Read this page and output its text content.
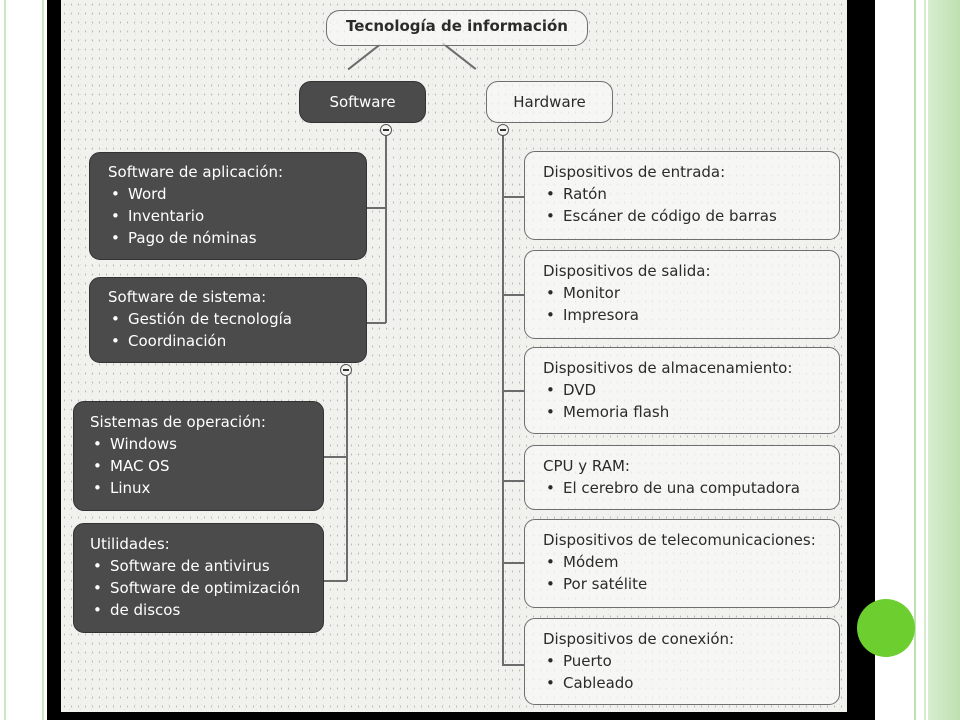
Tecnología de información
Software	Hardware
Software de aplicación:
• Word
• Inventario
• Pago de nóminas
Software de sistema:
• Gestión de tecnología
• Coordinación
Sistemas de operación:
• Windows
• MAC OS
• Linux
Utilidades:
• Software de antivirus
• Software de optimización
• de discos
Dispositivos de entrada:
• Ratón
• Escáner de código de barras
Dispositivos de salida:
• Monitor
• Impresora
Dispositivos de almacenamiento:
• DVD
• Memoria flash
CPU y RAM:
• El cerebro de una computadora
Dispositivos de telecomunicaciones:
• Módem
• Por satélite
Dispositivos de conexión:
• Puerto
• Cableado
